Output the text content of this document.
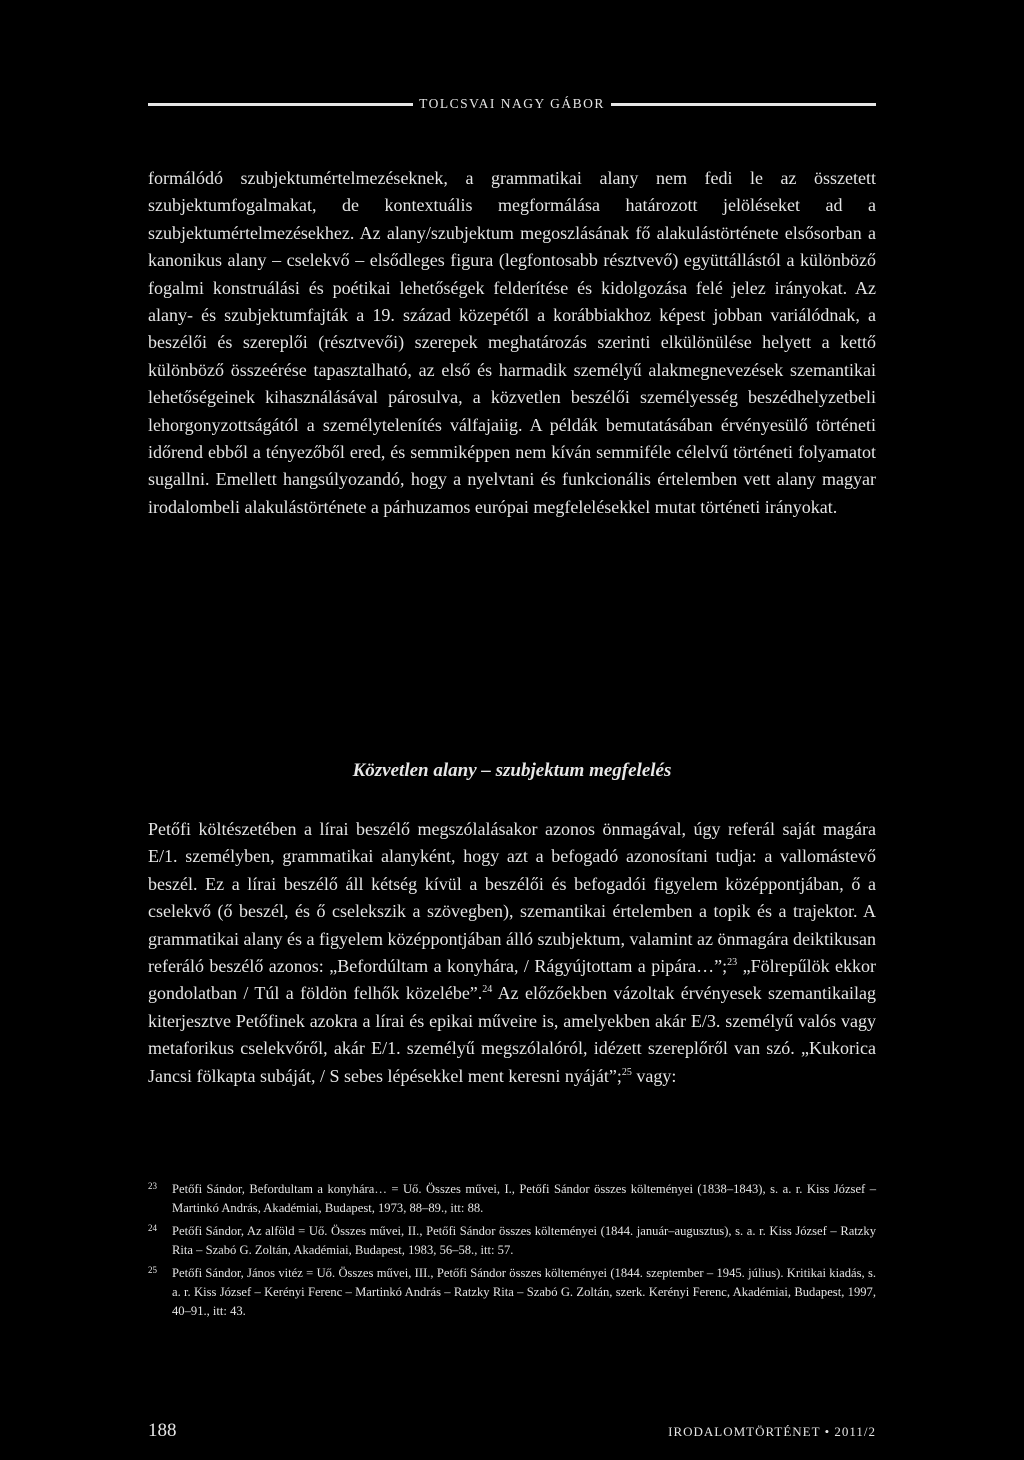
TOLCSVAI NAGY GÁBOR

formálódó szubjektumértelmezéseknek, a grammatikai alany nem fedi le az összetett szubjektumfogalmakat, de kontextuális megformálása határozott jelöléseket ad a szubjektumértelmezésekhez. Az alany/szubjektum megoszlásának fő alakulástörténete elsősorban a kanonikus alany – cselekvő – elsődleges figura (legfontosabb résztvevő) együttállástól a különböző fogalmi konstruálási és poétikai lehetőségek felderítése és kidolgozása felé jelez irányokat. Az alany- és szubjektumfajták a 19. század közepétől a korábbiakhoz képest jobban variálódnak, a beszélői és szereplői (résztvevői) szerepek meghatározás szerinti elkülönülése helyett a kettő különböző összeérése tapasztalható, az első és harmadik személyű alakmegnevezések szemantikai lehetőségeinek kihasználásával párosulva, a közvetlen beszélői személyesség beszédhelyzetbeli lehorgonyzottságától a személytelenítés válfajaiig. A példák bemutatásában érvényesülő történeti időrend ebből a tényezőből ered, és semmiképpen nem kíván semmiféle célelvű történeti folyamatot sugallni. Emellett hangsúlyozandó, hogy a nyelvtani és funkcionális értelemben vett alany magyar irodalombeli alakulástörténete a párhuzamos európai megfelelésekkel mutat történeti irányokat.

Közvetlen alany – szubjektum megfelelés

Petőfi költészetében a lírai beszélő megszólalásakor azonos önmagával, úgy referál saját magára E/1. személyben, grammatikai alanyként, hogy azt a befogadó azonosítani tudja: a vallomástevő beszél. Ez a lírai beszélő áll kétség kívül a beszélői és befogadói figyelem középpontjában, ő a cselekvő (ő beszél, és ő cselekszik a szövegben), szemantikai értelemben a topik és a trajektor. A grammatikai alany és a figyelem középpontjában álló szubjektum, valamint az önmagára deiktikusan referáló beszélő azonos: „Befordúltam a konyhára, / Rágyújtottam a pipára…”;$^{23}$ „Fölrepűlök ekkor gondolatban / Túl a földön felhők közelébe”.$^{24}$ Az előzőekben vázoltak érvényesek szemantikailag kiterjesztve Petőfinek azokra a lírai és epikai műveire is, amelyekben akár E/3. személyű valós vagy metaforikus cselekvőről, akár E/1. személyű megszólalóról, idézett szereplőről van szó. „Kukorica Jancsi fölkapta subáját, / S sebes lépésekkel ment keresni nyáját”;$^{25}$ vagy:

23 Petőfi Sándor, Befordultam a konyhára… = Uő. Összes művei, I., Petőfi Sándor összes költeményei (1838–1843), s. a. r. Kiss József – Martinkó András, Akadémiai, Budapest, 1973, 88–89., itt: 88.

24 Petőfi Sándor, Az alföld = Uő. Összes művei, II., Petőfi Sándor összes költeményei (1844. január–augusztus), s. a. r. Kiss József – Ratzky Rita – Szabó G. Zoltán, Akadémiai, Budapest, 1983, 56–58., itt: 57.

25 Petőfi Sándor, János vitéz = Uő. Összes művei, III., Petőfi Sándor összes költeményei (1844. szeptember – 1945. július). Kritikai kiadás, s. a. r. Kiss József – Kerényi Ferenc – Martinkó András – Ratzky Rita – Szabó G. Zoltán, szerk. Kerényi Ferenc, Akadémiai, Budapest, 1997, 40–91., itt: 43.

188	IRODALOMTÖRTÉNET • 2011/2
